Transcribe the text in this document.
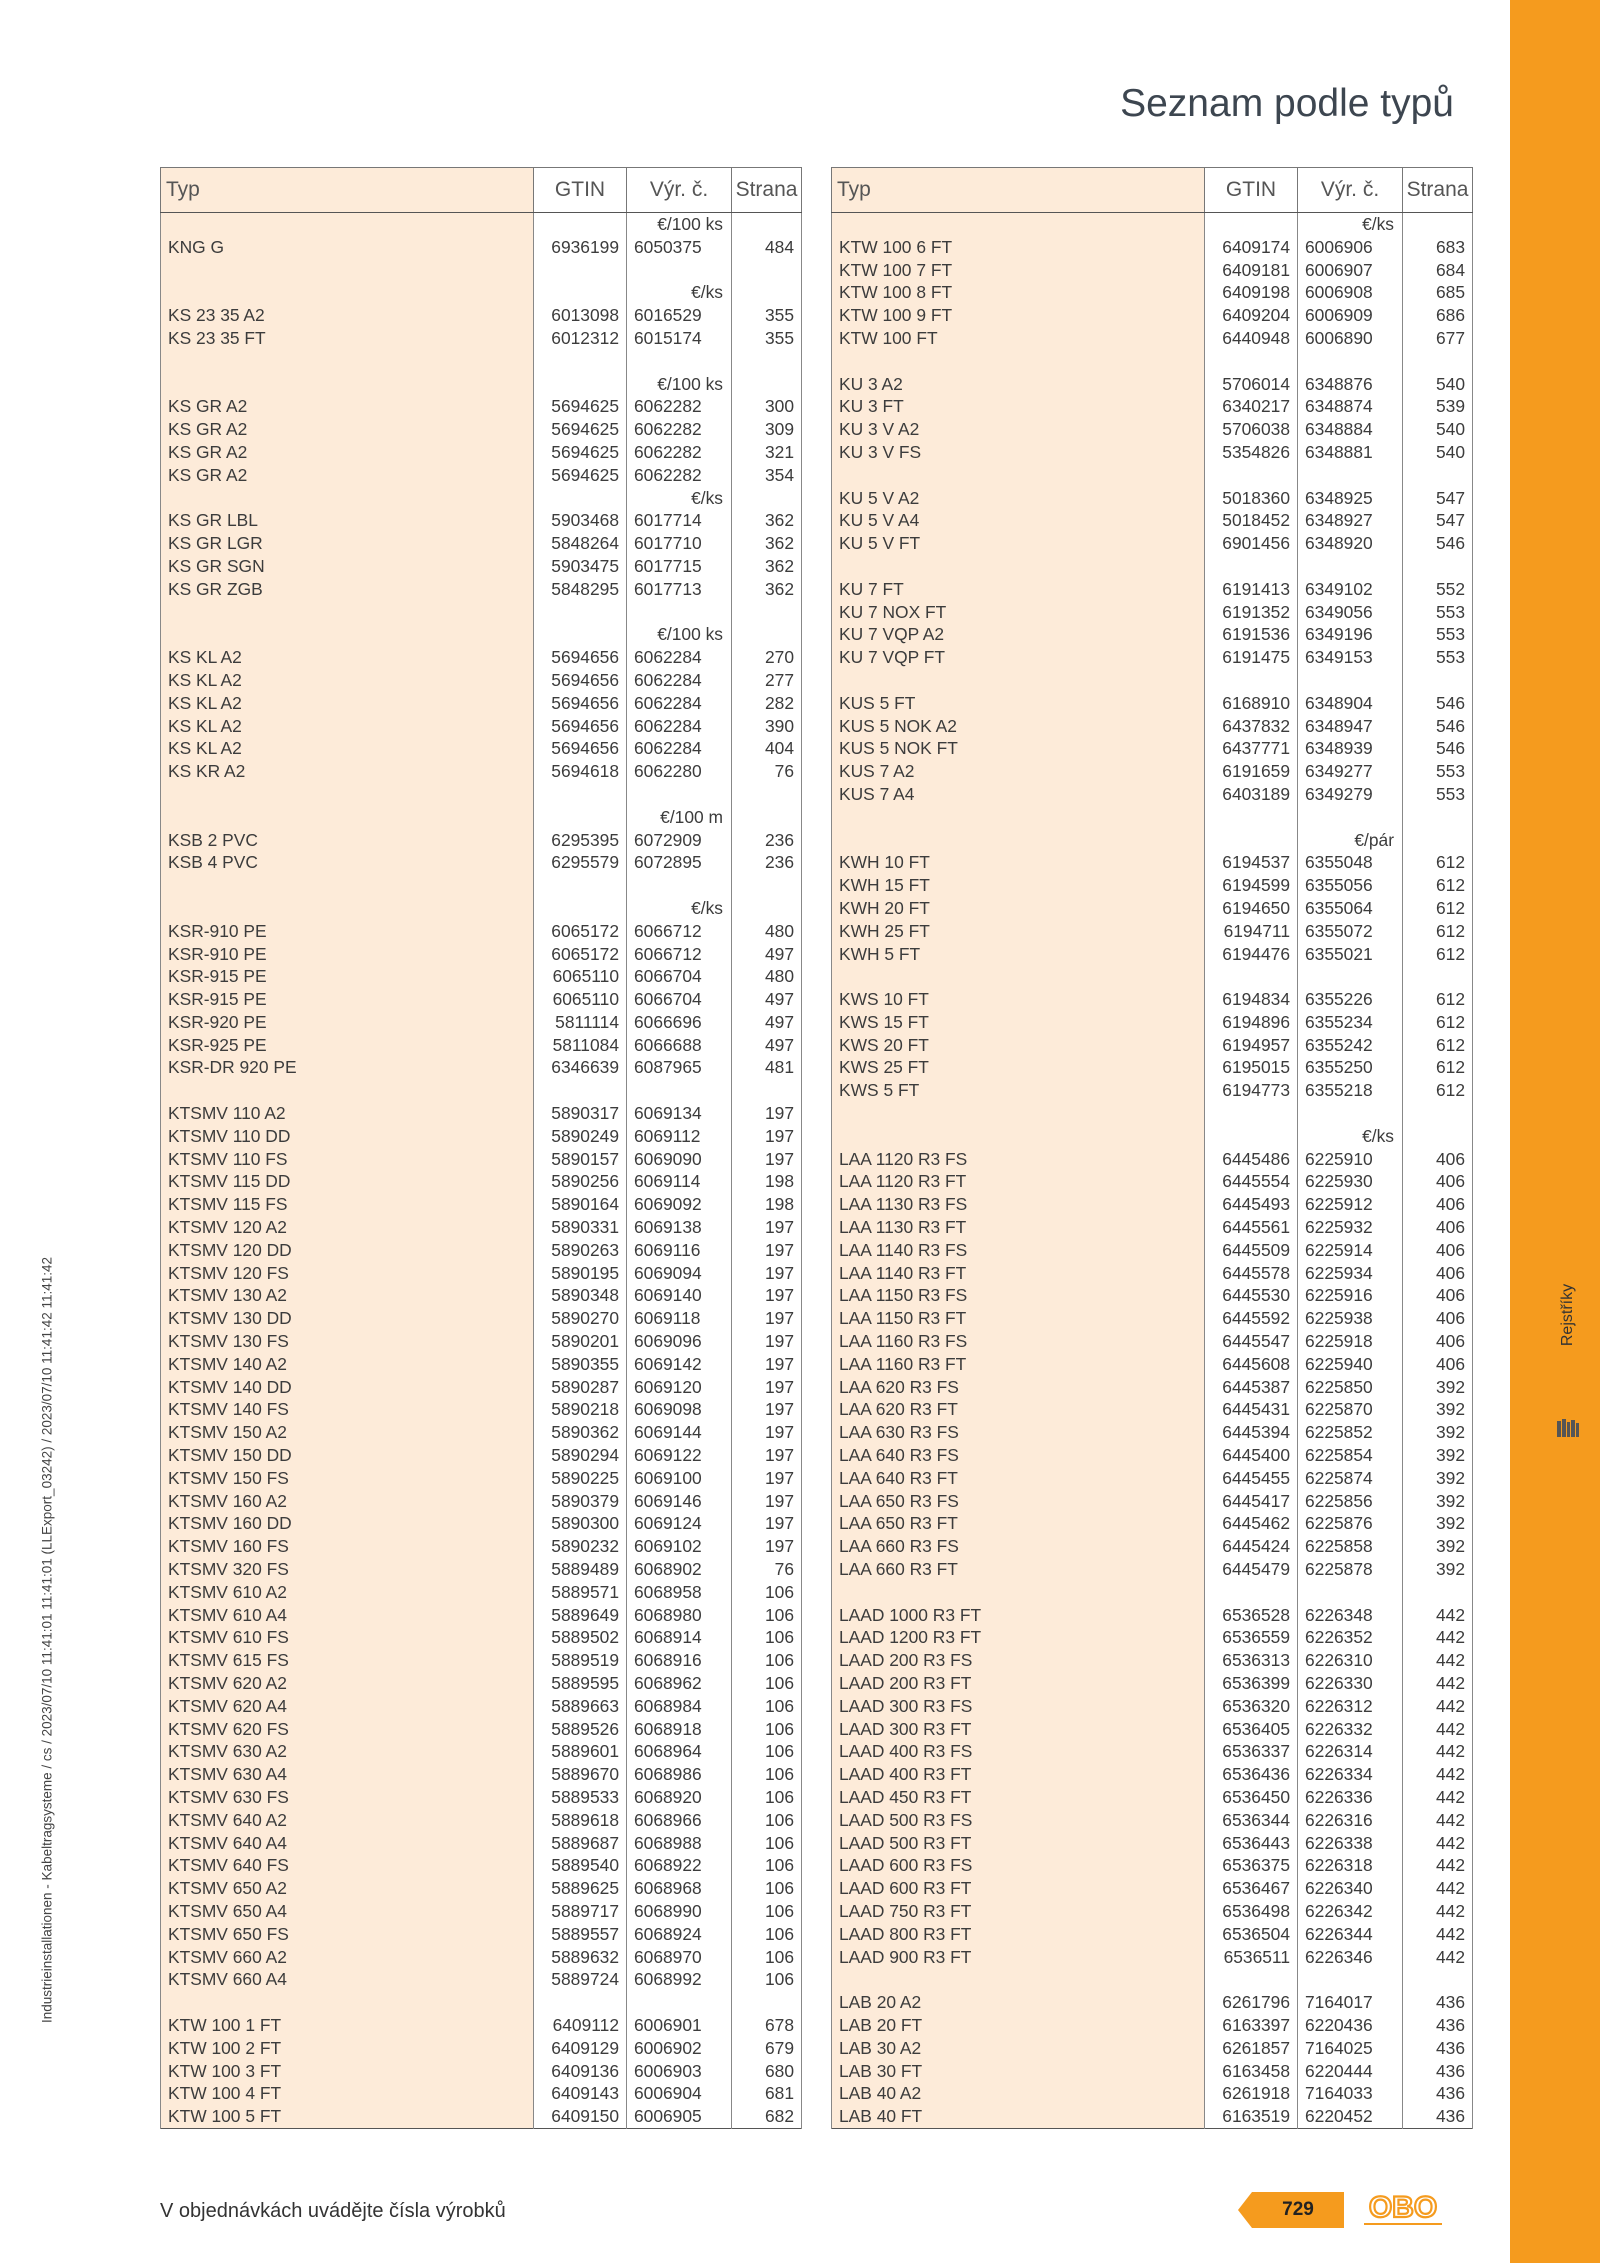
Rejstříky
Industrieinstallationen - Kabeltragsysteme / cs / 2023/07/10 11:41:01 11:41:01 (LLExport_03242) / 2023/07/10 11:41:42 11:41:42
Seznam podle typů
Typ	GTIN	Výr. č.	Strana
		€/100 ks	
KNG G	6936199	6050375	484

		€/ks	
KS 23 35 A2	6013098	6016529	355
KS 23 35 FT	6012312	6015174	355

		€/100 ks	
KS GR A2	5694625	6062282	300
KS GR A2	5694625	6062282	309
KS GR A2	5694625	6062282	321
KS GR A2	5694625	6062282	354
		€/ks	
KS GR LBL	5903468	6017714	362
KS GR LGR	5848264	6017710	362
KS GR SGN	5903475	6017715	362
KS GR ZGB	5848295	6017713	362

		€/100 ks	
KS KL A2	5694656	6062284	270
KS KL A2	5694656	6062284	277
KS KL A2	5694656	6062284	282
KS KL A2	5694656	6062284	390
KS KL A2	5694656	6062284	404
KS KR A2	5694618	6062280	76

		€/100 m	
KSB 2 PVC	6295395	6072909	236
KSB 4 PVC	6295579	6072895	236

		€/ks	
KSR-910 PE	6065172	6066712	480
KSR-910 PE	6065172	6066712	497
KSR-915 PE	6065110	6066704	480
KSR-915 PE	6065110	6066704	497
KSR-920 PE	5811114	6066696	497
KSR-925 PE	5811084	6066688	497
KSR-DR 920 PE	6346639	6087965	481

KTSMV 110 A2	5890317	6069134	197
KTSMV 110 DD	5890249	6069112	197
KTSMV 110 FS	5890157	6069090	197
KTSMV 115 DD	5890256	6069114	198
KTSMV 115 FS	5890164	6069092	198
KTSMV 120 A2	5890331	6069138	197
KTSMV 120 DD	5890263	6069116	197
KTSMV 120 FS	5890195	6069094	197
KTSMV 130 A2	5890348	6069140	197
KTSMV 130 DD	5890270	6069118	197
KTSMV 130 FS	5890201	6069096	197
KTSMV 140 A2	5890355	6069142	197
KTSMV 140 DD	5890287	6069120	197
KTSMV 140 FS	5890218	6069098	197
KTSMV 150 A2	5890362	6069144	197
KTSMV 150 DD	5890294	6069122	197
KTSMV 150 FS	5890225	6069100	197
KTSMV 160 A2	5890379	6069146	197
KTSMV 160 DD	5890300	6069124	197
KTSMV 160 FS	5890232	6069102	197
KTSMV 320 FS	5889489	6068902	76
KTSMV 610 A2	5889571	6068958	106
KTSMV 610 A4	5889649	6068980	106
KTSMV 610 FS	5889502	6068914	106
KTSMV 615 FS	5889519	6068916	106
KTSMV 620 A2	5889595	6068962	106
KTSMV 620 A4	5889663	6068984	106
KTSMV 620 FS	5889526	6068918	106
KTSMV 630 A2	5889601	6068964	106
KTSMV 630 A4	5889670	6068986	106
KTSMV 630 FS	5889533	6068920	106
KTSMV 640 A2	5889618	6068966	106
KTSMV 640 A4	5889687	6068988	106
KTSMV 640 FS	5889540	6068922	106
KTSMV 650 A2	5889625	6068968	106
KTSMV 650 A4	5889717	6068990	106
KTSMV 650 FS	5889557	6068924	106
KTSMV 660 A2	5889632	6068970	106
KTSMV 660 A4	5889724	6068992	106

KTW 100 1 FT	6409112	6006901	678
KTW 100 2 FT	6409129	6006902	679
KTW 100 3 FT	6409136	6006903	680
KTW 100 4 FT	6409143	6006904	681
KTW 100 5 FT	6409150	6006905	682
Typ	GTIN	Výr. č.	Strana
		€/ks	
KTW 100 6 FT	6409174	6006906	683
KTW 100 7 FT	6409181	6006907	684
KTW 100 8 FT	6409198	6006908	685
KTW 100 9 FT	6409204	6006909	686
KTW 100 FT	6440948	6006890	677

KU 3 A2	5706014	6348876	540
KU 3 FT	6340217	6348874	539
KU 3 V A2	5706038	6348884	540
KU 3 V FS	5354826	6348881	540

KU 5 V A2	5018360	6348925	547
KU 5 V A4	5018452	6348927	547
KU 5 V FT	6901456	6348920	546

KU 7 FT	6191413	6349102	552
KU 7 NOX FT	6191352	6349056	553
KU 7 VQP A2	6191536	6349196	553
KU 7 VQP FT	6191475	6349153	553

KUS 5 FT	6168910	6348904	546
KUS 5 NOK A2	6437832	6348947	546
KUS 5 NOK FT	6437771	6348939	546
KUS 7 A2	6191659	6349277	553
KUS 7 A4	6403189	6349279	553

		€/pár	
KWH 10 FT	6194537	6355048	612
KWH 15 FT	6194599	6355056	612
KWH 20 FT	6194650	6355064	612
KWH 25 FT	6194711	6355072	612
KWH 5 FT	6194476	6355021	612

KWS 10 FT	6194834	6355226	612
KWS 15 FT	6194896	6355234	612
KWS 20 FT	6194957	6355242	612
KWS 25 FT	6195015	6355250	612
KWS 5 FT	6194773	6355218	612

		€/ks	
LAA 1120 R3 FS	6445486	6225910	406
LAA 1120 R3 FT	6445554	6225930	406
LAA 1130 R3 FS	6445493	6225912	406
LAA 1130 R3 FT	6445561	6225932	406
LAA 1140 R3 FS	6445509	6225914	406
LAA 1140 R3 FT	6445578	6225934	406
LAA 1150 R3 FS	6445530	6225916	406
LAA 1150 R3 FT	6445592	6225938	406
LAA 1160 R3 FS	6445547	6225918	406
LAA 1160 R3 FT	6445608	6225940	406
LAA 620 R3 FS	6445387	6225850	392
LAA 620 R3 FT	6445431	6225870	392
LAA 630 R3 FS	6445394	6225852	392
LAA 640 R3 FS	6445400	6225854	392
LAA 640 R3 FT	6445455	6225874	392
LAA 650 R3 FS	6445417	6225856	392
LAA 650 R3 FT	6445462	6225876	392
LAA 660 R3 FS	6445424	6225858	392
LAA 660 R3 FT	6445479	6225878	392

LAAD 1000 R3 FT	6536528	6226348	442
LAAD 1200 R3 FT	6536559	6226352	442
LAAD 200 R3 FS	6536313	6226310	442
LAAD 200 R3 FT	6536399	6226330	442
LAAD 300 R3 FS	6536320	6226312	442
LAAD 300 R3 FT	6536405	6226332	442
LAAD 400 R3 FS	6536337	6226314	442
LAAD 400 R3 FT	6536436	6226334	442
LAAD 450 R3 FT	6536450	6226336	442
LAAD 500 R3 FS	6536344	6226316	442
LAAD 500 R3 FT	6536443	6226338	442
LAAD 600 R3 FS	6536375	6226318	442
LAAD 600 R3 FT	6536467	6226340	442
LAAD 750 R3 FT	6536498	6226342	442
LAAD 800 R3 FT	6536504	6226344	442
LAAD 900 R3 FT	6536511	6226346	442

LAB 20 A2	6261796	7164017	436
LAB 20 FT	6163397	6220436	436
LAB 30 A2	6261857	7164025	436
LAB 30 FT	6163458	6220444	436
LAB 40 A2	6261918	7164033	436
LAB 40 FT	6163519	6220452	436
V objednávkách uvádějte čísla výrobků	729	OBO
